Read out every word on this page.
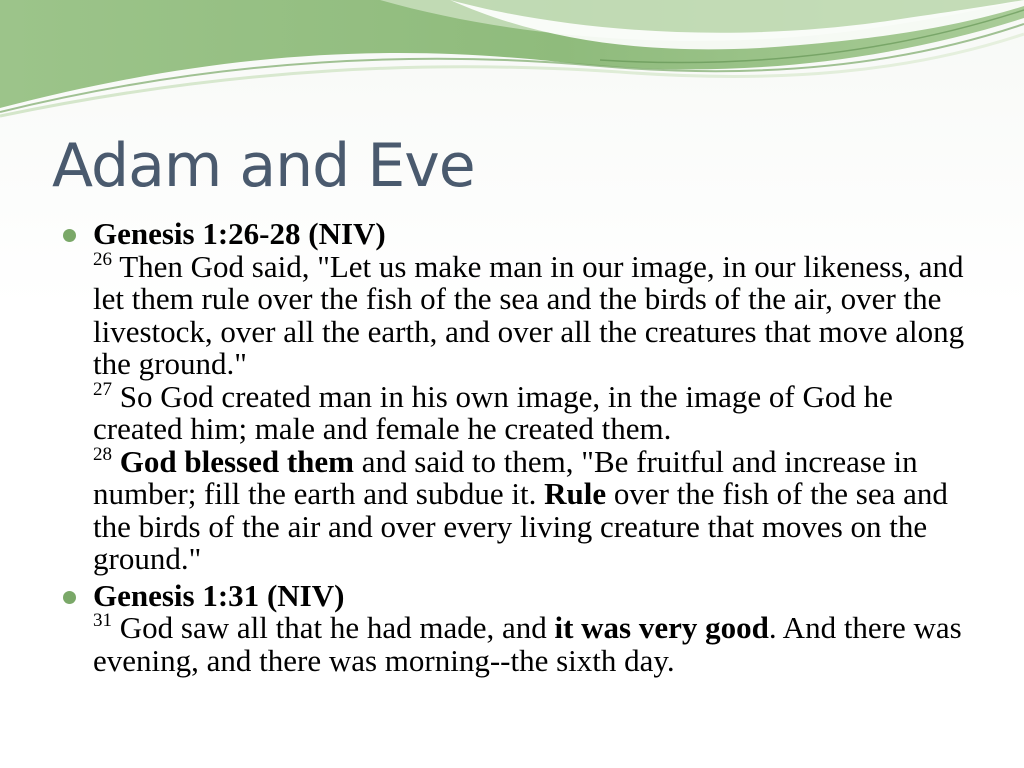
Adam and Eve
Genesis 1:26-28 (NIV)
$^{26}$ Then God said, "Let us make man in our image, in our likeness, and let them rule over the fish of the sea and the birds of the air, over the livestock, over all the earth, and over all the creatures that move along the ground."
$^{27}$ So God created man in his own image, in the image of God he created him; male and female he created them.
$^{28}$ God blessed them and said to them, "Be fruitful and increase in number; fill the earth and subdue it. Rule over the fish of the sea and the birds of the air and over every living creature that moves on the ground."
Genesis 1:31 (NIV)
$^{31}$ God saw all that he had made, and it was very good. And there was evening, and there was morning--the sixth day.
